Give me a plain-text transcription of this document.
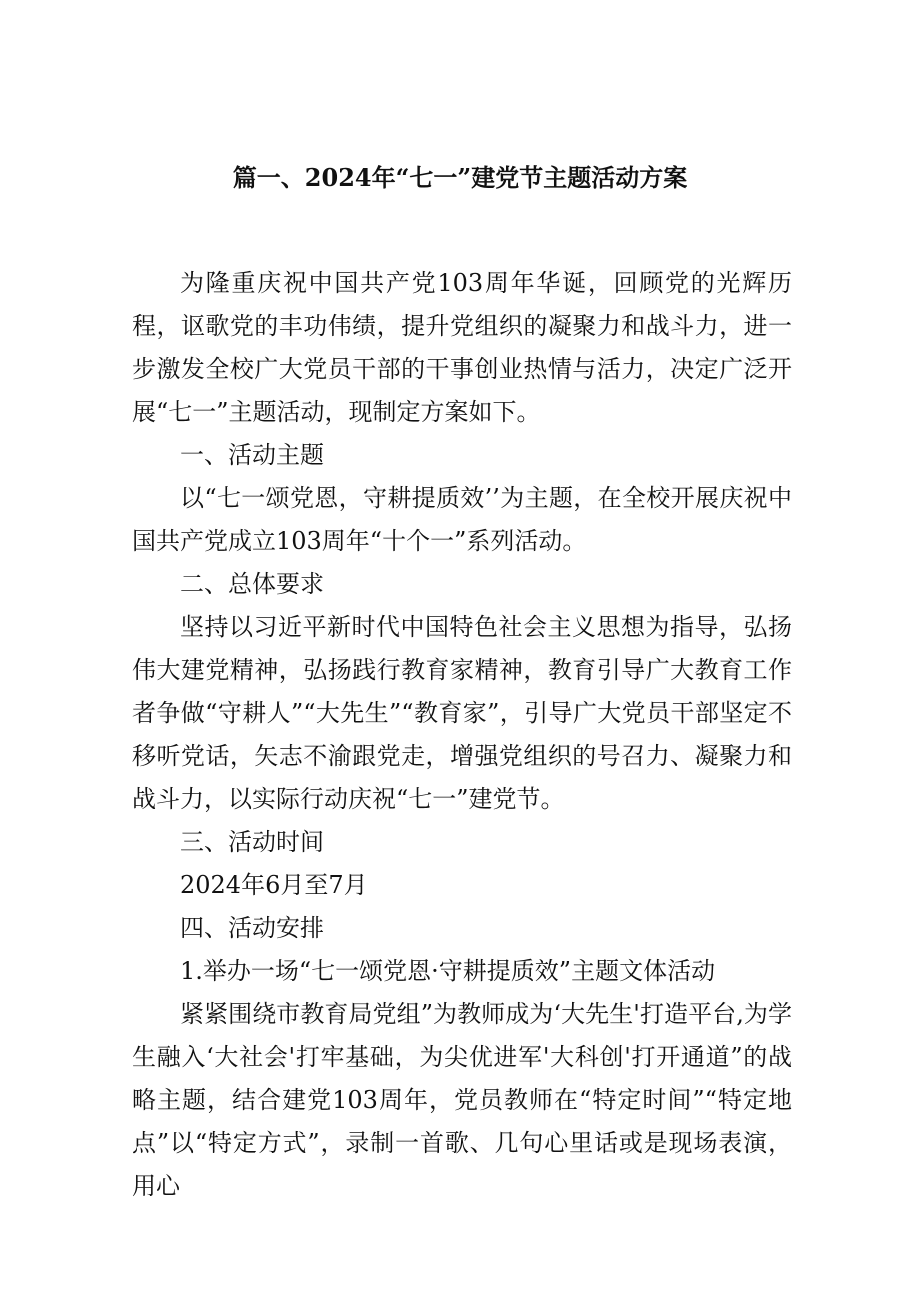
篇一、2024年“七一”建党节主题活动方案

为隆重庆祝中国共产党103周年华诞，回顾党的光辉历程，讴歌党的丰功伟绩，提升党组织的凝聚力和战斗力，进一步激发全校广大党员干部的干事创业热情与活力，决定广泛开展“七一”主题活动，现制定方案如下。

一、活动主题

以“七一颂党恩，守耕提质效’’为主题，在全校开展庆祝中国共产党成立103周年“十个一”系列活动。

二、总体要求

坚持以习近平新时代中国特色社会主义思想为指导，弘扬伟大建党精神，弘扬践行教育家精神，教育引导广大教育工作者争做“守耕人”“大先生”“教育家”，引导广大党员干部坚定不移听党话，矢志不渝跟党走，增强党组织的号召力、凝聚力和战斗力，以实际行动庆祝“七一”建党节。

三、活动时间

2024年6月至7月

四、活动安排

1.举办一场“七一颂党恩·守耕提质效”主题文体活动

紧紧围绕市教育局党组”为教师成为‘大先生'打造平台,为学生融入‘大社会'打牢基础，为尖优进军'大科创'打开通道”的战略主题，结合建党103周年，党员教师在“特定时间”“特定地点”以“特定方式”，录制一首歌、几句心里话或是现场表演，用心
